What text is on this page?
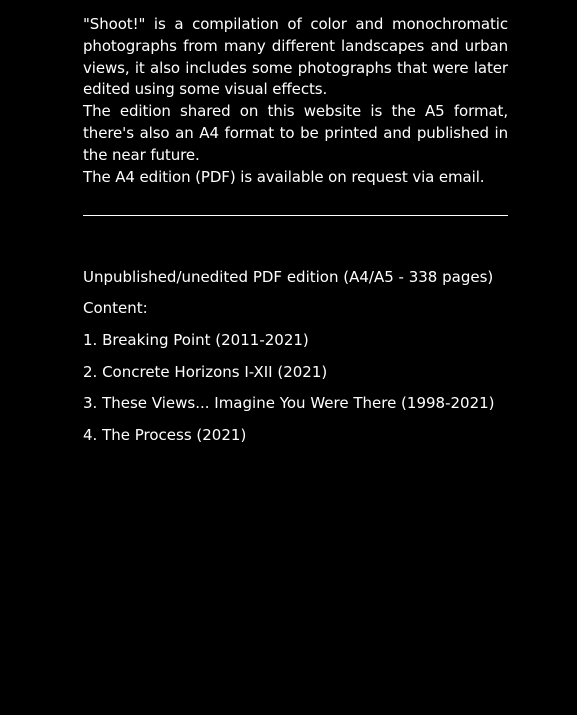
"Shoot!" is a compilation of color and monochromatic photographs from many different landscapes and urban views, it also includes some photographs that were later edited using some visual effects.

The edition shared on this website is the A5 format, there's also an A4 format to be printed and published in the near future.

The A4 edition (PDF) is available on request via email.

Unpublished/unedited PDF edition (A4/A5 - 338 pages)

Content:

1. Breaking Point (2011-2021)
2. Concrete Horizons I-XII (2021)
3. These Views... Imagine You Were There (1998-2021)
4. The Process (2021)
